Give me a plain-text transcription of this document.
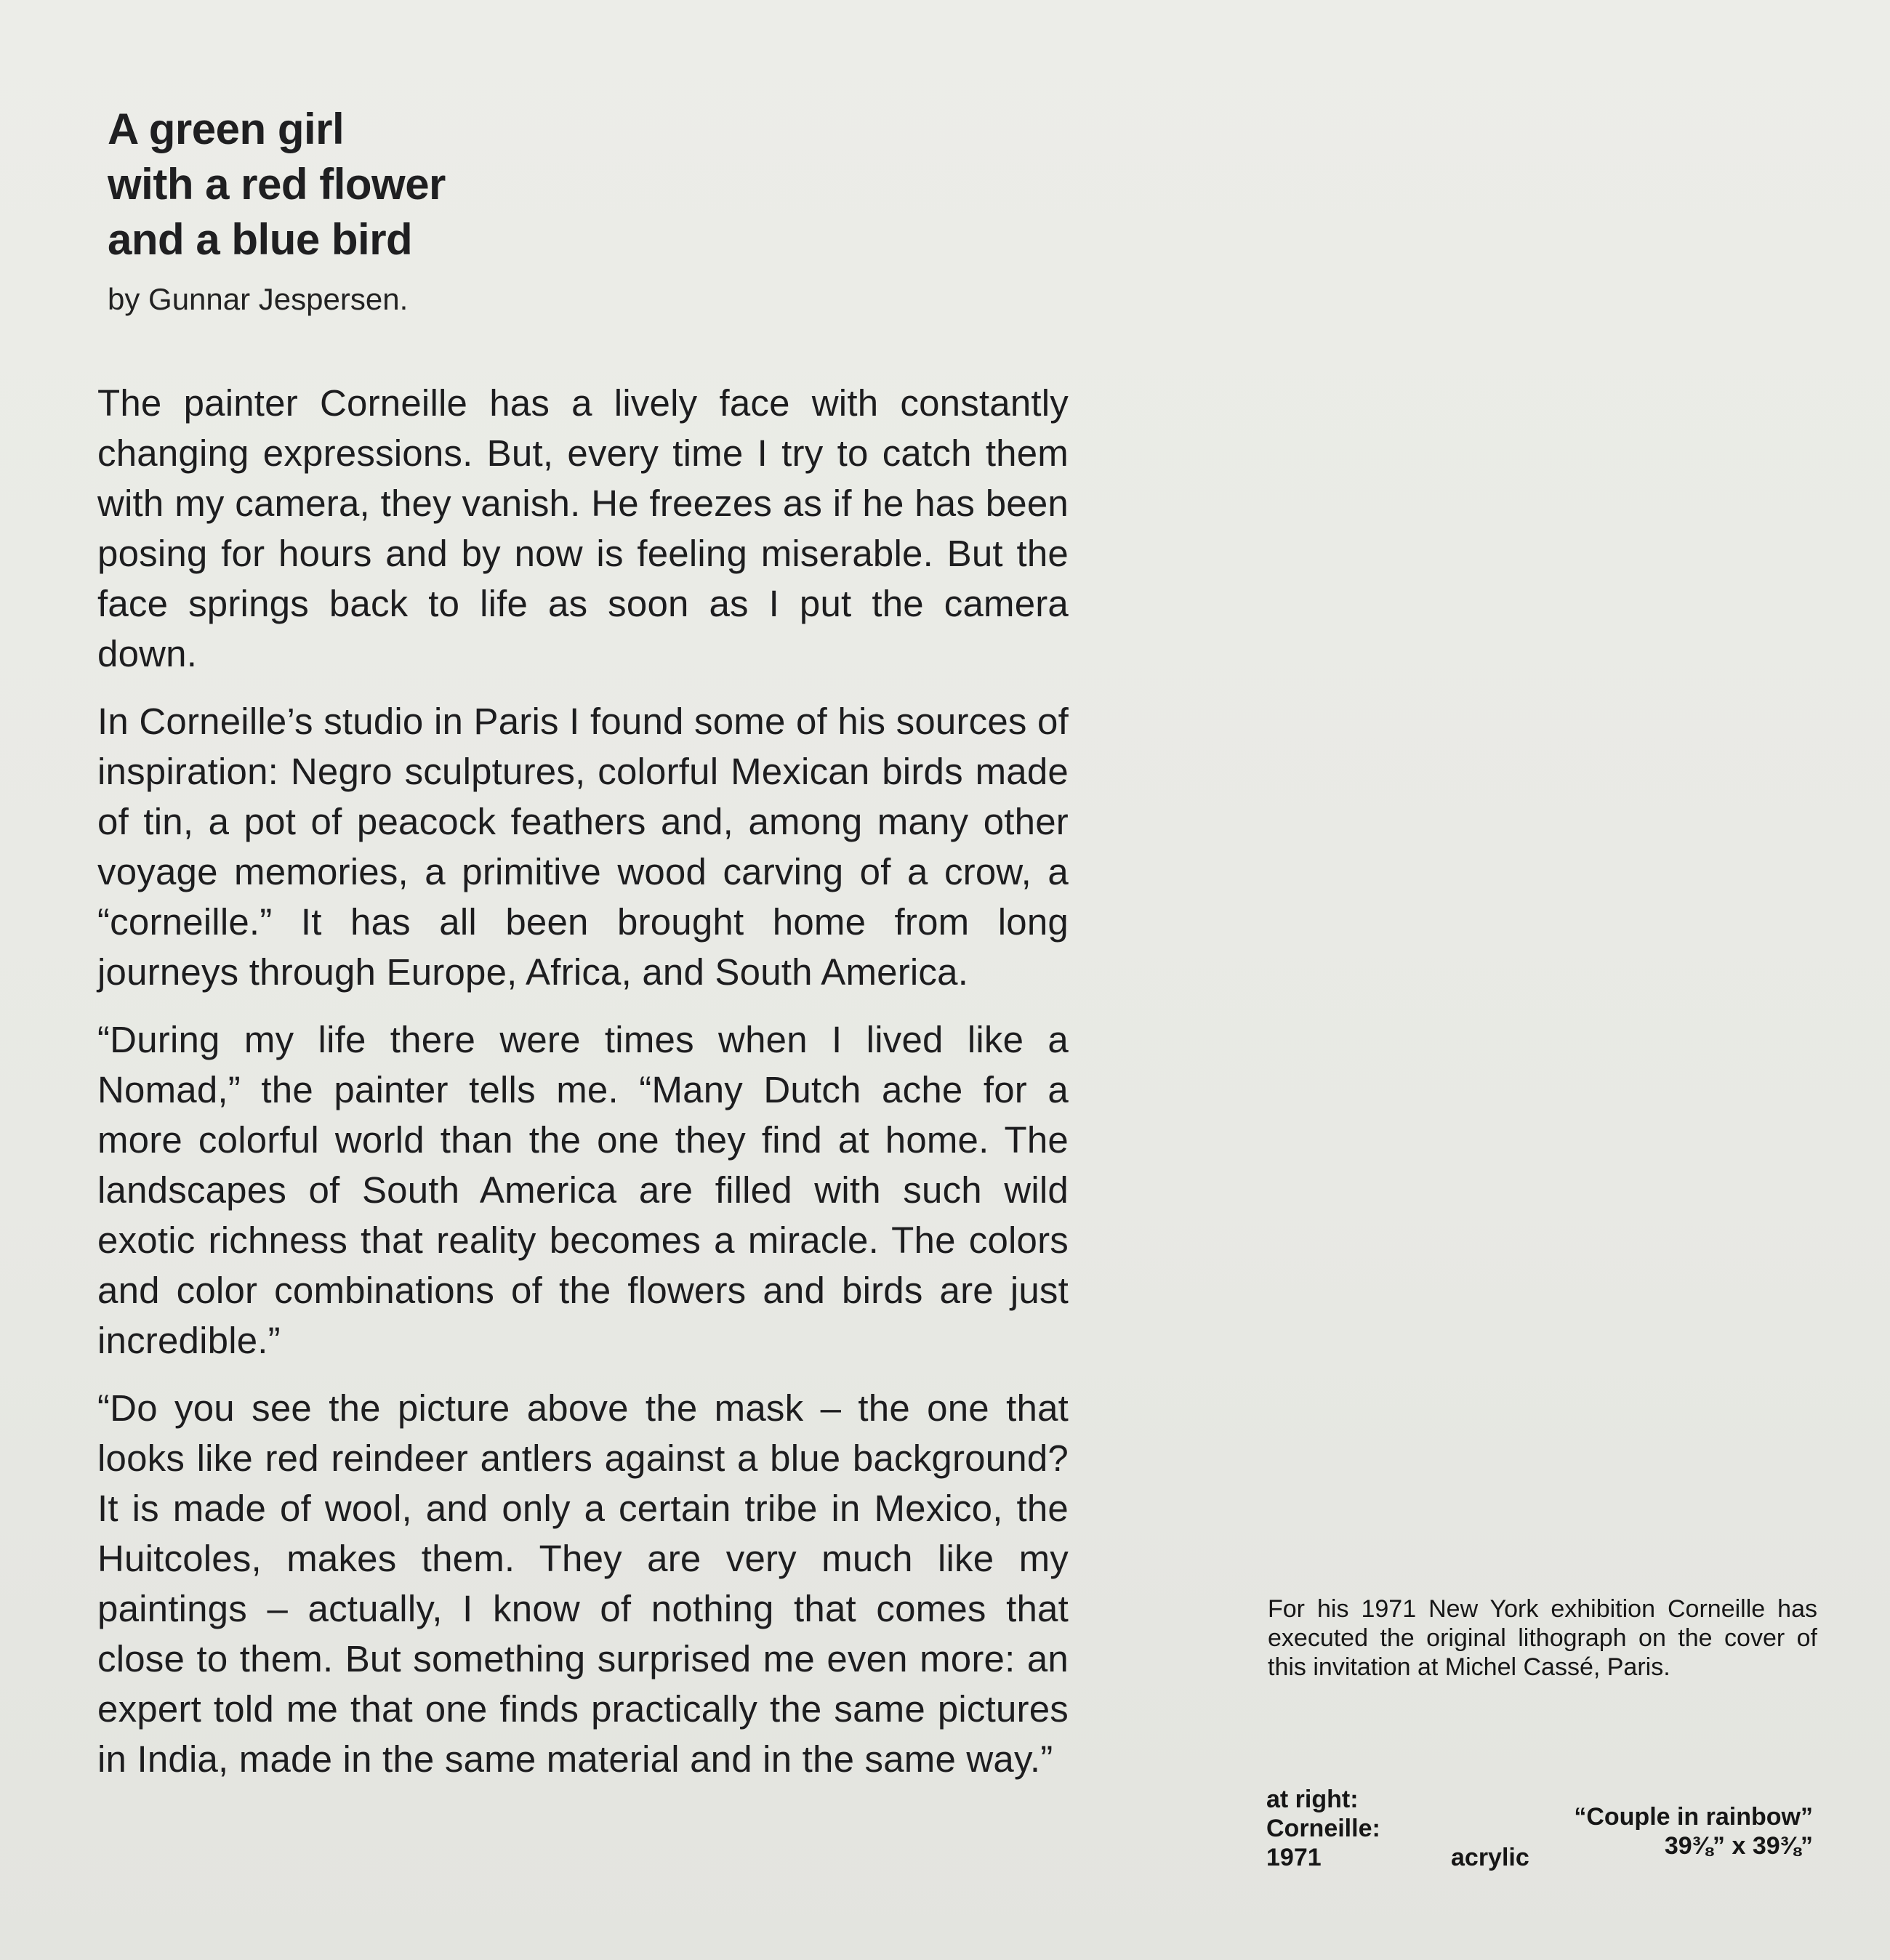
A green girl
with a red flower
and a blue bird

by Gunnar Jespersen.

The painter Corneille has a lively face with constantly changing expressions. But, every time I try to catch them with my camera, they vanish. He freezes as if he has been posing for hours and by now is feeling miserable. But the face springs back to life as soon as I put the camera down.

In Corneille’s studio in Paris I found some of his sources of inspiration: Negro sculptures, colorful Mexican birds made of tin, a pot of peacock feathers and, among many other voyage memories, a primitive wood carving of a crow, a “corneille.” It has all been brought home from long journeys through Europe, Africa, and South America.

“During my life there were times when I lived like a Nomad,” the painter tells me. “Many Dutch ache for a more colorful world than the one they find at home. The landscapes of South America are filled with such wild exotic richness that reality becomes a miracle. The colors and color combinations of the flowers and birds are just incredible.”

“Do you see the picture above the mask – the one that looks like red reindeer antlers against a blue background? It is made of wool, and only a certain tribe in Mexico, the Huitcoles, makes them. They are very much like my paintings – actually, I know of nothing that comes that close to them. But something surprised me even more: an expert told me that one finds practically the same pictures in India, made in the same material and in the same way.”

For his 1971 New York exhibition Corneille has executed the original lithograph on the cover of this invitation at Michel Cassé, Paris.

at right:
Corneille:
1971	acrylic
“Couple in rainbow”
39⅜” x 39⅜”
